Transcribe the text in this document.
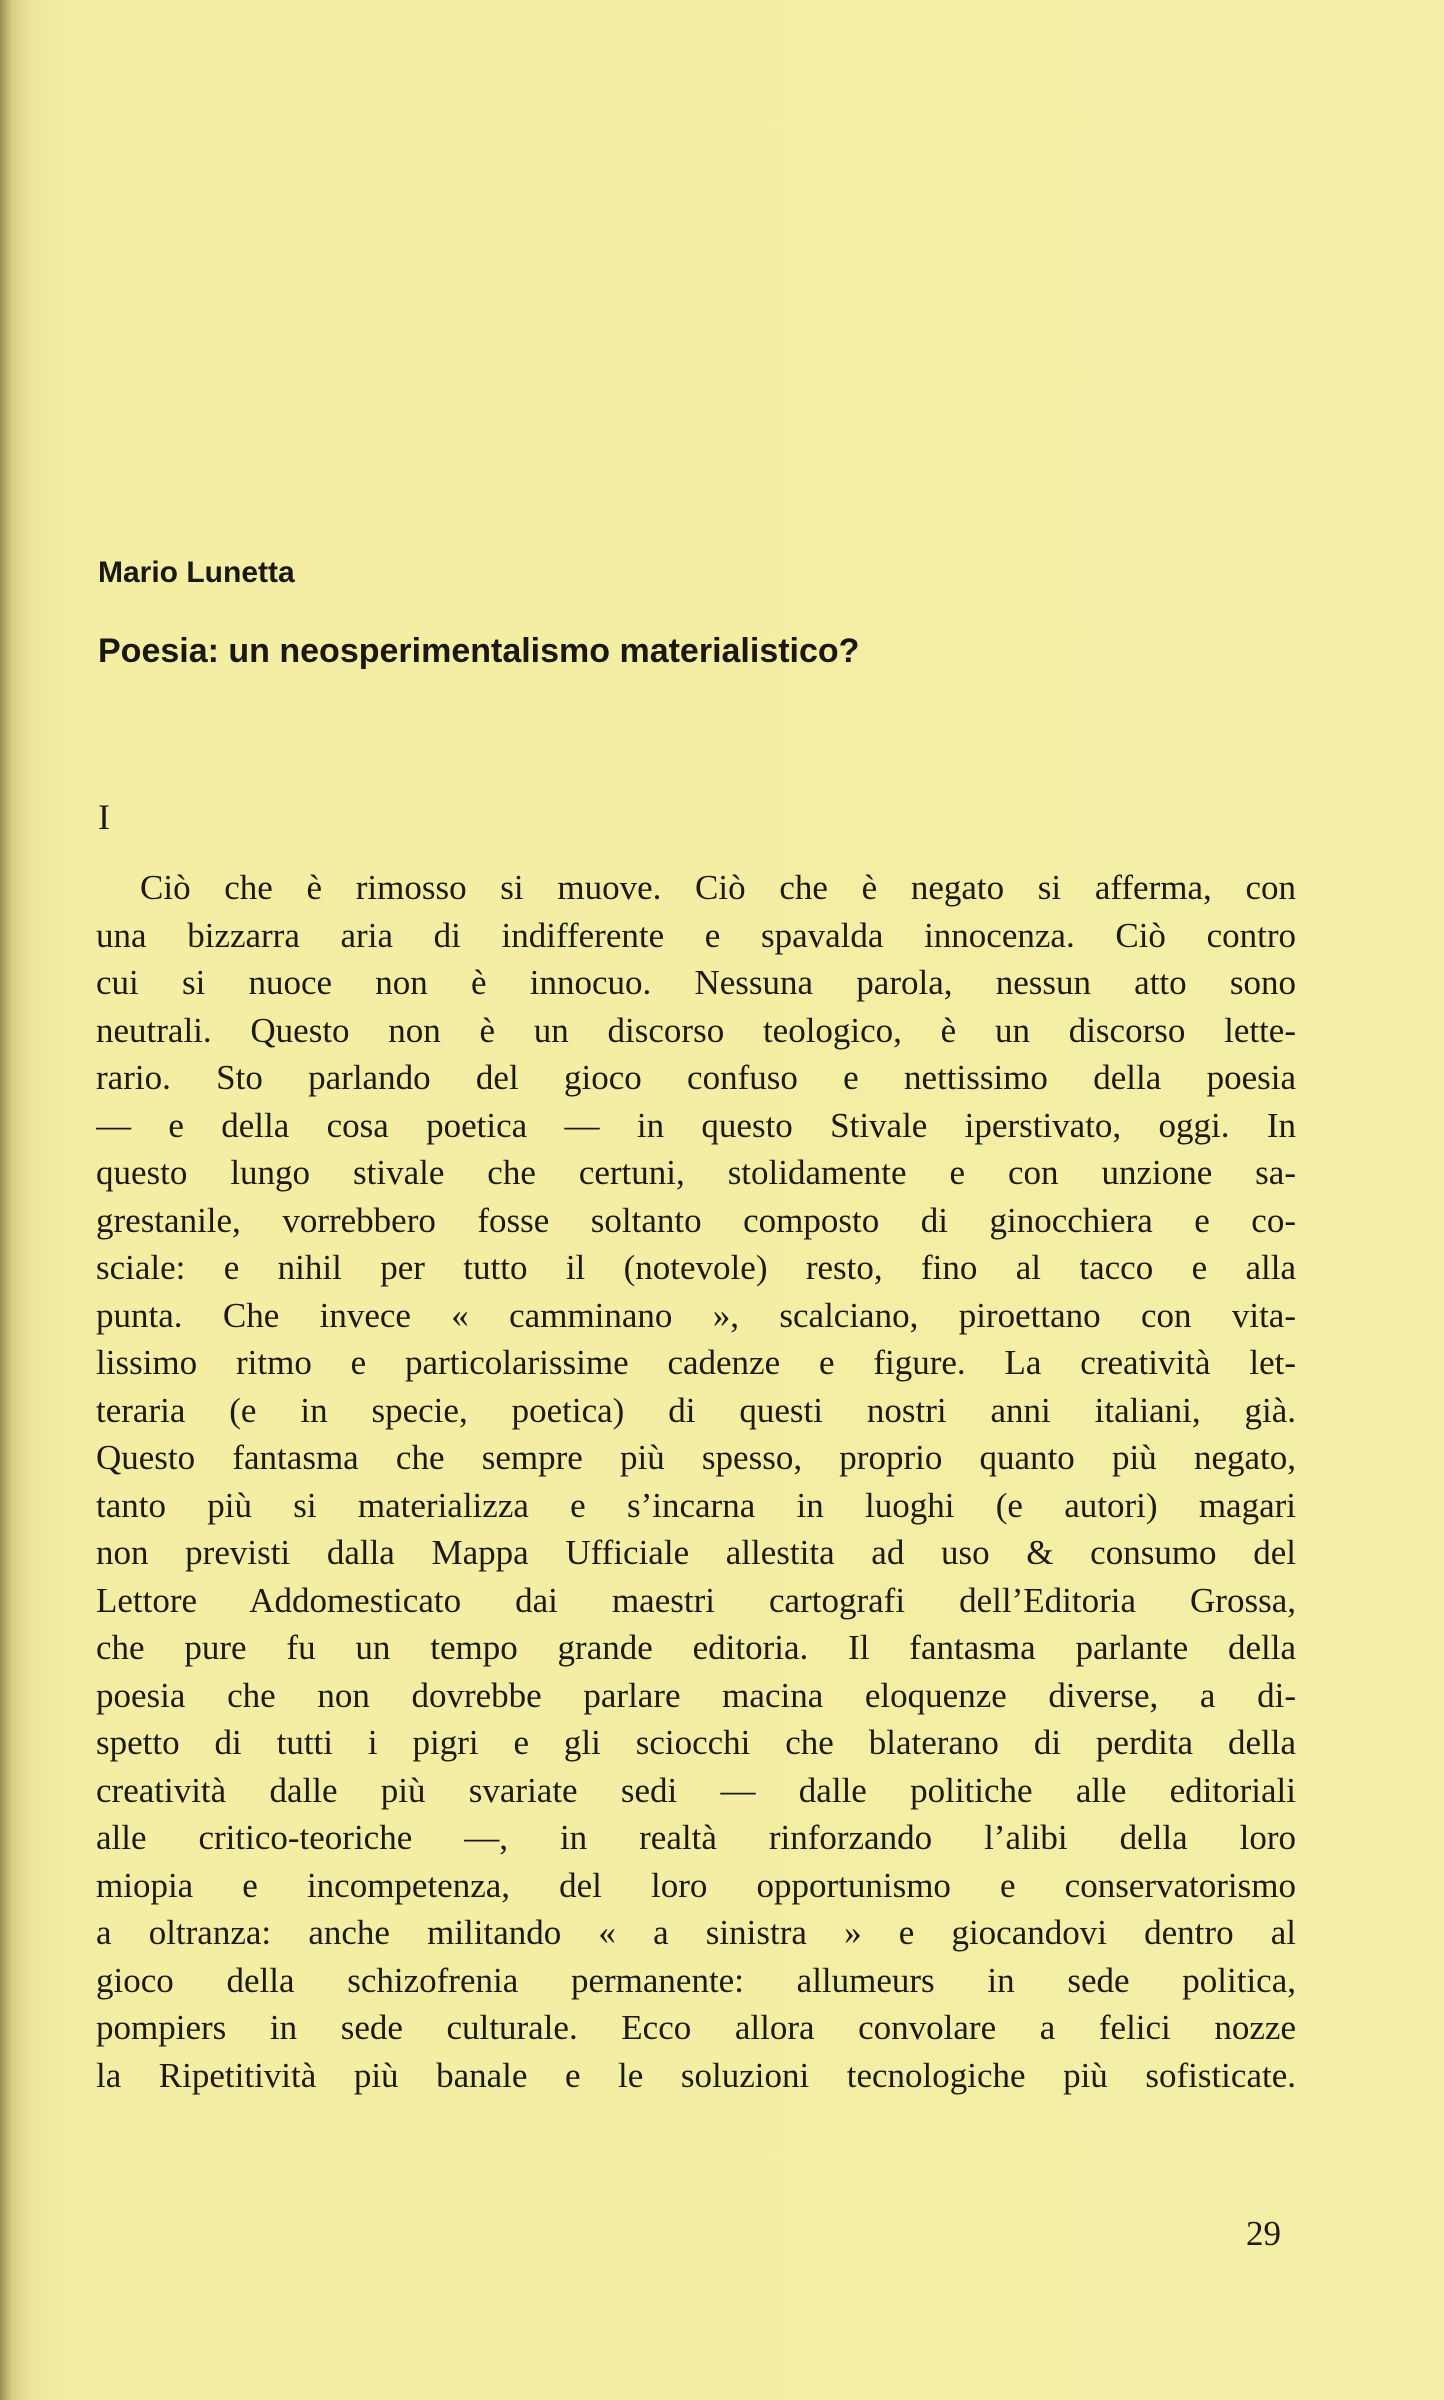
Mario Lunetta
Poesia: un neosperimentalismo materialistico?
I
Ciò che è rimosso si muove. Ciò che è negato si afferma, con
una bizzarra aria di indifferente e spavalda innocenza. Ciò contro
cui si nuoce non è innocuo. Nessuna parola, nessun atto sono
neutrali. Questo non è un discorso teologico, è un discorso lette-
rario. Sto parlando del gioco confuso e nettissimo della poesia
— e della cosa poetica — in questo Stivale iperstivato, oggi. In
questo lungo stivale che certuni, stolidamente e con unzione sa-
grestanile, vorrebbero fosse soltanto composto di ginocchiera e co-
sciale: e nihil per tutto il (notevole) resto, fino al tacco e alla
punta. Che invece « camminano », scalciano, piroettano con vita-
lissimo ritmo e particolarissime cadenze e figure. La creatività let-
teraria (e in specie, poetica) di questi nostri anni italiani, già.
Questo fantasma che sempre più spesso, proprio quanto più negato,
tanto più si materializza e s’incarna in luoghi (e autori) magari
non previsti dalla Mappa Ufficiale allestita ad uso & consumo del
Lettore Addomesticato dai maestri cartografi dell’Editoria Grossa,
che pure fu un tempo grande editoria. Il fantasma parlante della
poesia che non dovrebbe parlare macina eloquenze diverse, a di-
spetto di tutti i pigri e gli sciocchi che blaterano di perdita della
creatività dalle più svariate sedi — dalle politiche alle editoriali
alle critico-teoriche —, in realtà rinforzando l’alibi della loro
miopia e incompetenza, del loro opportunismo e conservatorismo
a oltranza: anche militando « a sinistra » e giocandovi dentro al
gioco della schizofrenia permanente: allumeurs in sede politica,
pompiers in sede culturale. Ecco allora convolare a felici nozze
la Ripetitività più banale e le soluzioni tecnologiche più sofisticate.
29
